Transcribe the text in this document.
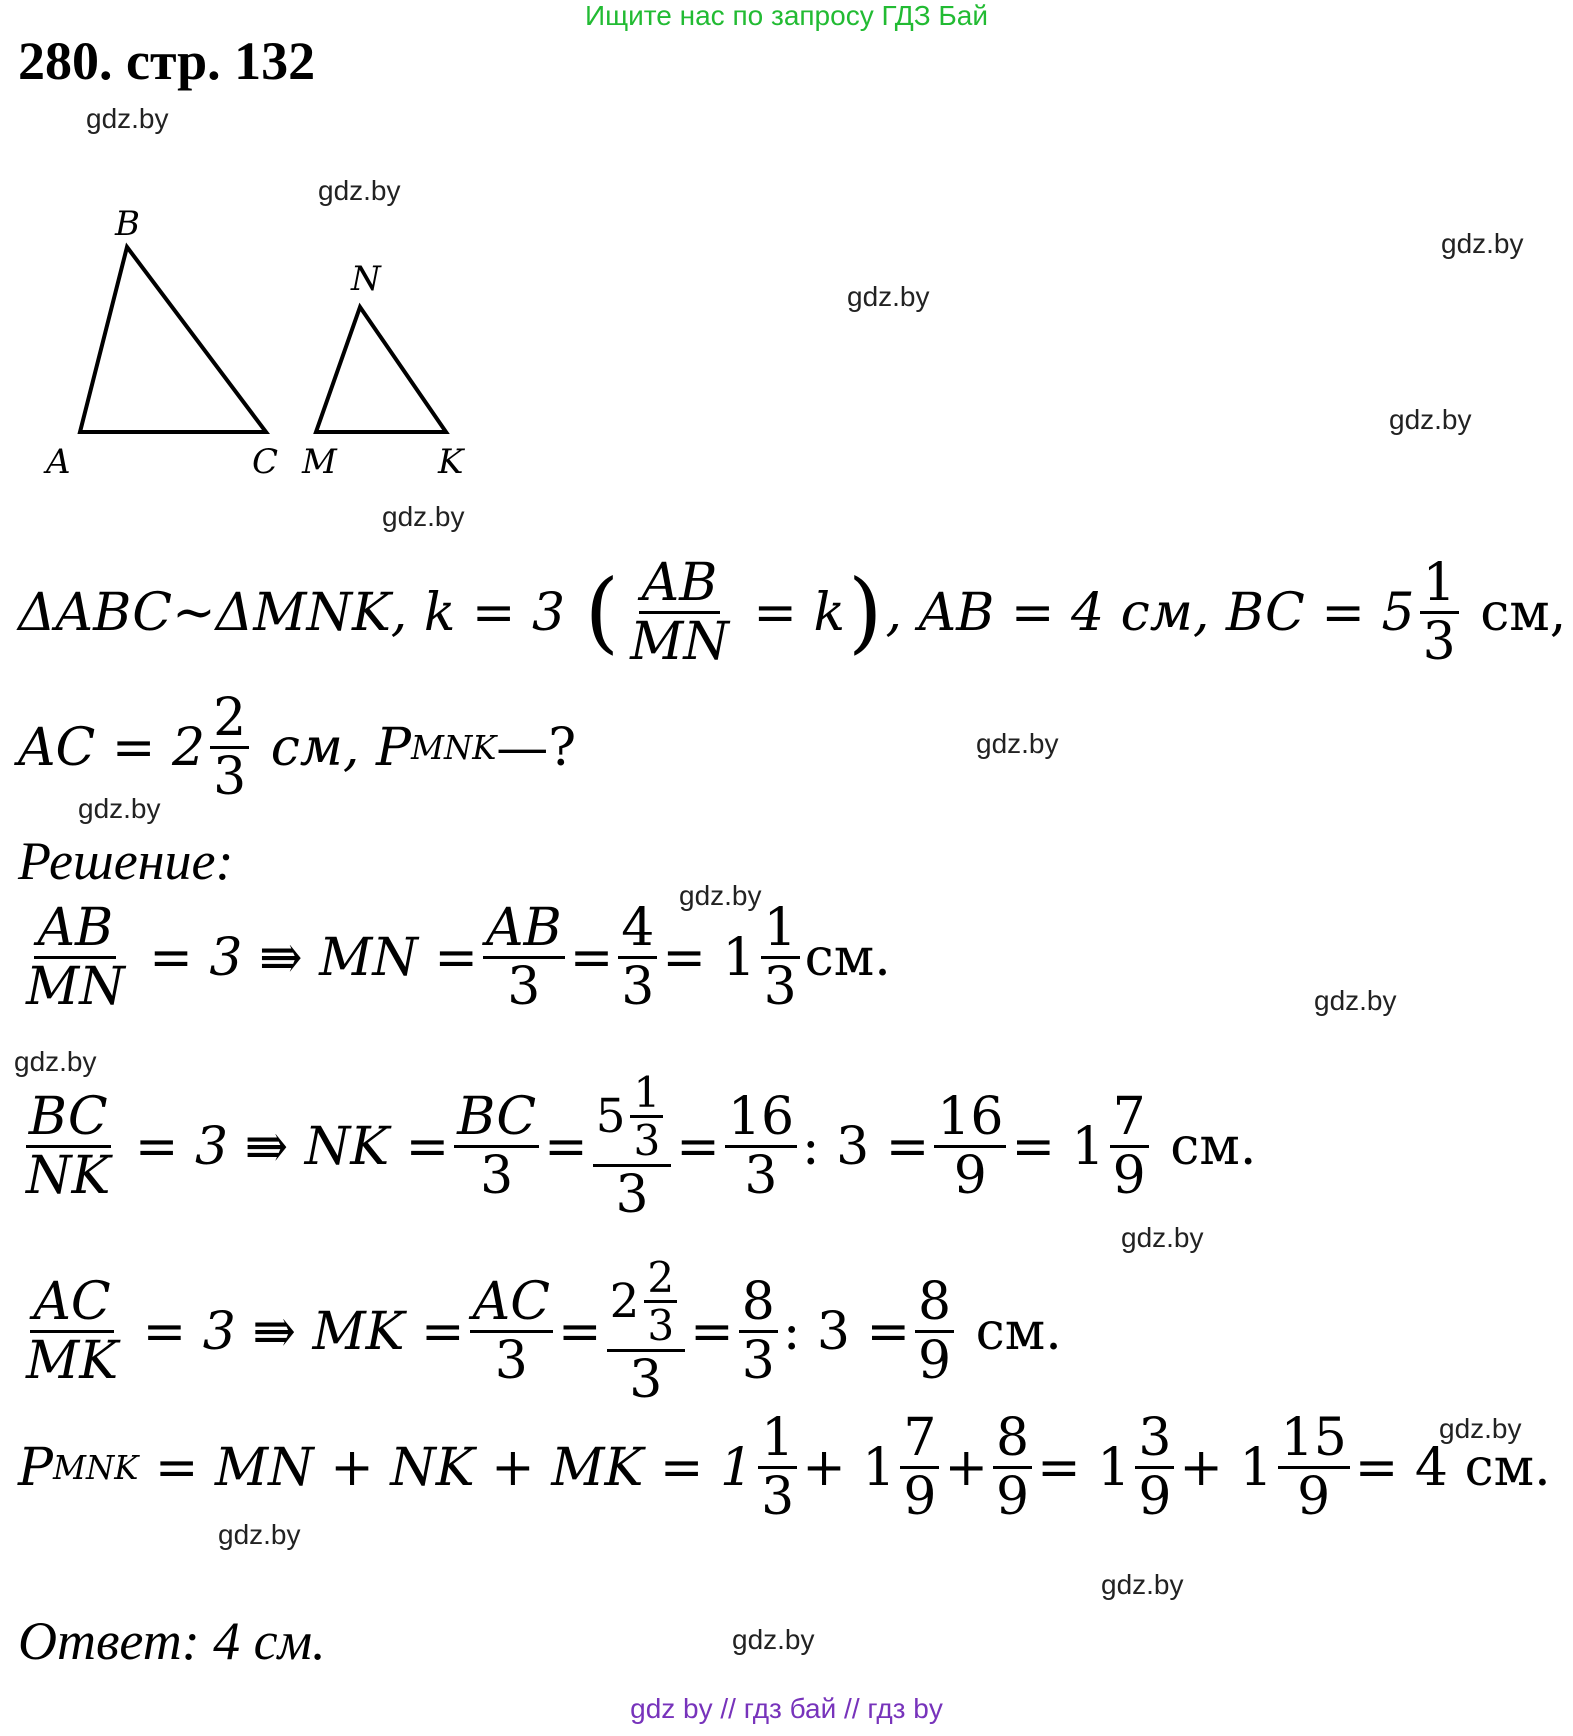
Ищите нас по запросу ГДЗ Бай
280. стр. 132
gdz.by
gdz.by
gdz.by
gdz.by
gdz.by
gdz.by
gdz.by
gdz.by
gdz.by
gdz.by
gdz.by
gdz.by
gdz.by
gdz.by
gdz.by
gdz.by
B
A	C
N
M	K
ΔABC~ΔMNK,
k = 3
( $\frac{AB}{MN}$
= k ) , AB = 4 см, BC = $5 \frac{1}{3}$
см,
AC = $2 \frac{2}{3}$
см, P MNK —?
Решение:
$\frac{AB}{MN}$
= 3 ⇛ MN = $\frac{AB}{3} = \frac{4}{3} = 1 \frac{1}{3}$ см.
$\frac{BC}{NK}$
= 3 ⇛ NK = $\frac{BC}{3} = \frac{5 \frac{1}{3}}{3} = \frac{16}{3}$ : $3 = \frac{16}{9} = 1 \frac{7}{9}$
см.
$\frac{AC}{MK}$
= 3 ⇛ MK = $\frac{AC}{3} = \frac{2 \frac{2}{3}}{3} = \frac{8}{3}$ : $3 = \frac{8}{9}$
см.
P MNK
= MN + NK + MK = $1 \frac{1}{3} + 1 \frac{7}{9} + \frac{8}{9} = 1 \frac{3}{9} + 1 \frac{15}{9} = 4$ см.
Ответ: 4 см.
gdz by // гдз бай // гдз by
